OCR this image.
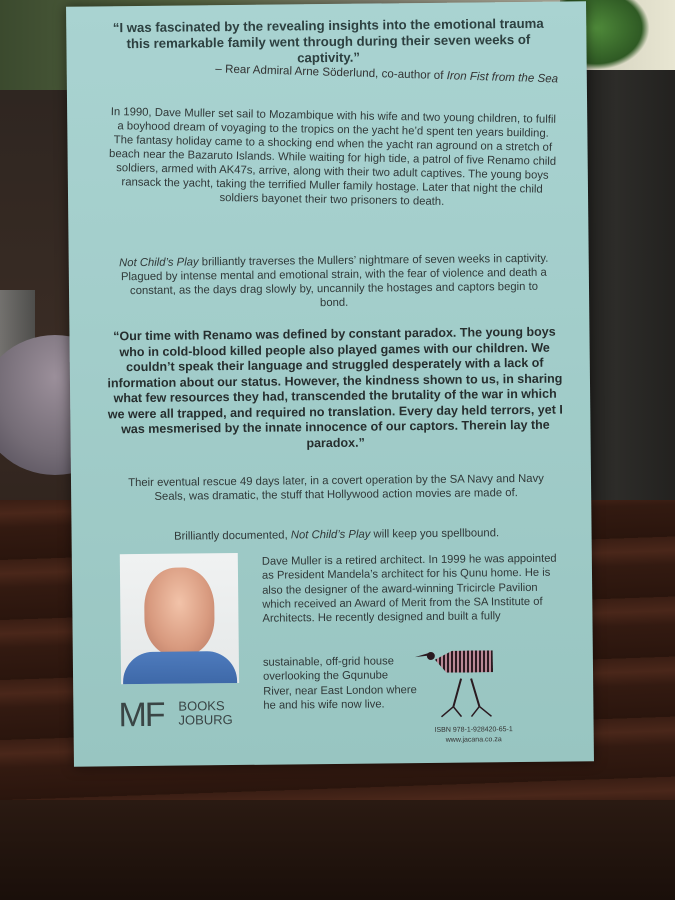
“I was fascinated by the revealing insights into the emotional trauma this remarkable family went through during their seven weeks of captivity.”
– Rear Admiral Arne Söderlund, co-author of Iron Fist from the Sea
In 1990, Dave Muller set sail to Mozambique with his wife and two young children, to fulfil a boyhood dream of voyaging to the tropics on the yacht he’d spent ten years building. The fantasy holiday came to a shocking end when the yacht ran aground on a stretch of beach near the Bazaruto Islands. While waiting for high tide, a patrol of five Renamo child soldiers, armed with AK47s, arrive, along with their two adult captives. The young boys ransack the yacht, taking the terrified Muller family hostage. Later that night the child soldiers bayonet their two prisoners to death.
Not Child’s Play brilliantly traverses the Mullers’ nightmare of seven weeks in captivity. Plagued by intense mental and emotional strain, with the fear of violence and death a constant, as the days drag slowly by, uncannily the hostages and captors begin to bond.
“Our time with Renamo was defined by constant paradox. The young boys who in cold-blood killed people also played games with our children. We couldn’t speak their language and struggled desperately with a lack of information about our status. However, the kindness shown to us, in sharing what few resources they had, transcended the brutality of the war in which we were all trapped, and required no translation. Every day held terrors, yet I was mesmerised by the innate innocence of our captors. Therein lay the paradox.”
Their eventual rescue 49 days later, in a covert operation by the SA Navy and Navy Seals, was dramatic, the stuff that Hollywood action movies are made of.
Brilliantly documented, Not Child’s Play will keep you spellbound.
Dave Muller is a retired architect. In 1999 he was appointed as President Mandela’s architect for his Qunu home. He is also the designer of the award-winning Tricircle Pavilion which received an Award of Merit from the SA Institute of Architects. He recently designed and built a fully
sustainable, off-grid house overlooking the Gqunube River, near East London where he and his wife now live.
MF BOOKS
JOBURG
ISBN 978-1-928420-65-1
www.jacana.co.za
